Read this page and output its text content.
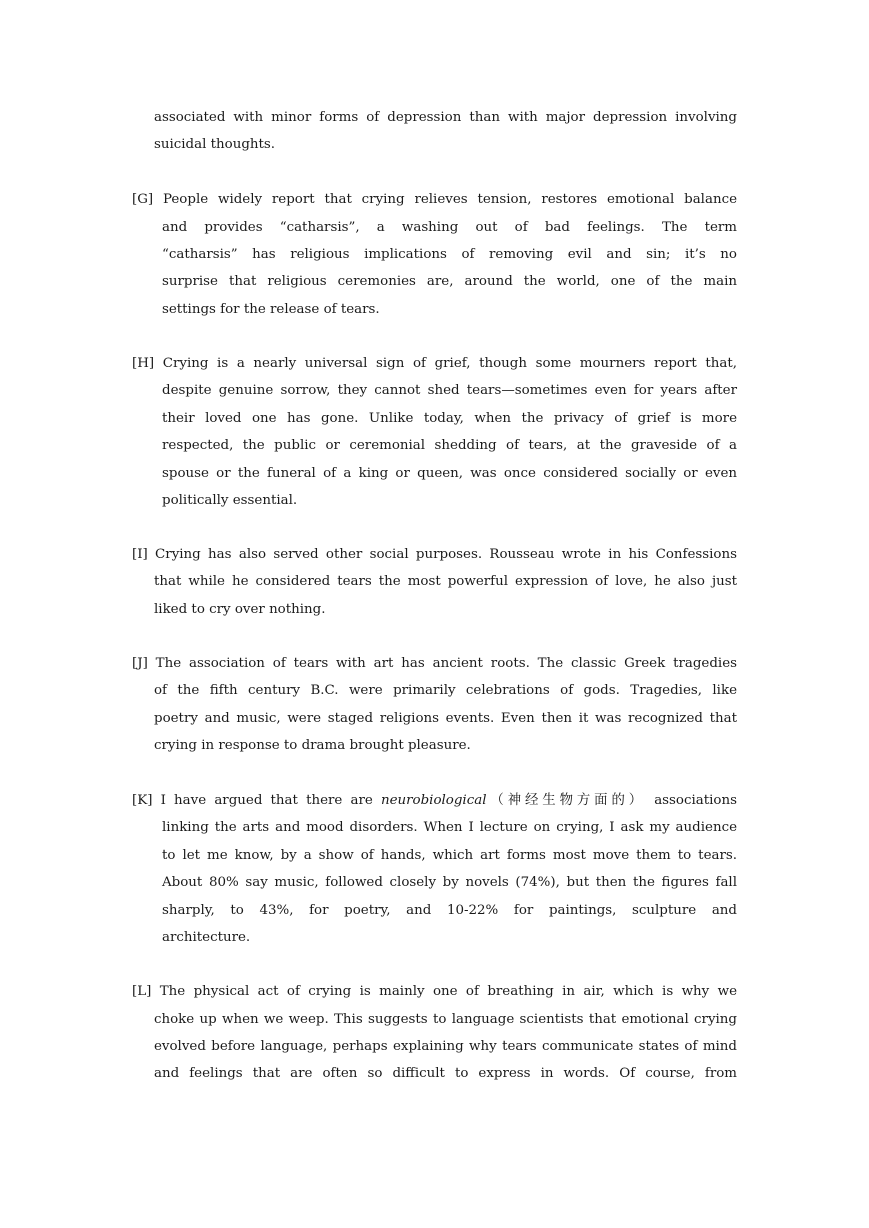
associated with minor forms of depression than with major depression involving
suicidal thoughts.
[G] People widely report that crying relieves tension, restores emotional balance
and provides “catharsis”, a washing out of bad feelings. The term
“catharsis” has religious implications of removing evil and sin; it’s no
surprise that religious ceremonies are, around the world, one of the main
settings for the release of tears.
[H] Crying is a nearly universal sign of grief, though some mourners report that,
despite genuine sorrow, they cannot shed tears—sometimes even for years after
their loved one has gone. Unlike today, when the privacy of grief is more
respected, the public or ceremonial shedding of tears, at the graveside of a
spouse or the funeral of a king or queen, was once considered socially or even
politically essential.
[I] Crying has also served other social purposes. Rousseau wrote in his Confessions
that while he considered tears the most powerful expression of love, he also just
liked to cry over nothing.
[J] The association of tears with art has ancient roots. The classic Greek tragedies
of the fifth century B.C. were primarily celebrations of gods. Tragedies, like
poetry and music, were staged religions events. Even then it was recognized that
crying in response to drama brought pleasure.
[K] I have argued that there are neurobiological（神经生物方面的） associations
linking the arts and mood disorders. When I lecture on crying, I ask my audience
to let me know, by a show of hands, which art forms most move them to tears.
About 80% say music, followed closely by novels (74%), but then the figures fall
sharply, to 43%, for poetry, and 10-22% for paintings, sculpture and
architecture.
[L] The physical act of crying is mainly one of breathing in air, which is why we
choke up when we weep. This suggests to language scientists that emotional crying
evolved before language, perhaps explaining why tears communicate states of mind
and feelings that are often so difficult to express in words. Of course, from
